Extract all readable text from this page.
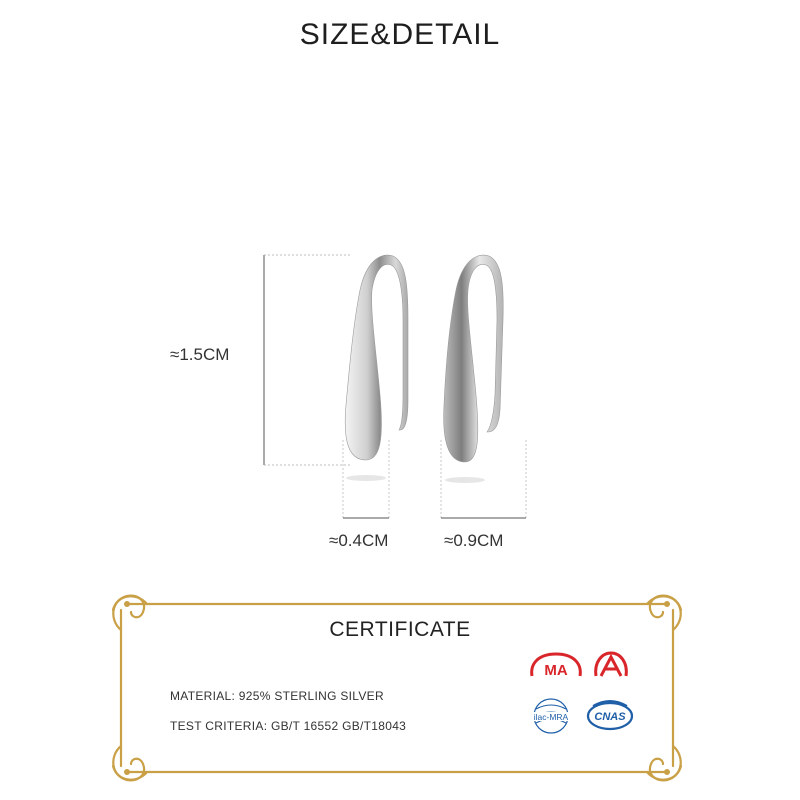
SIZE&DETAIL
≈1.5CM
≈0.4CM	≈0.9CM
CERTIFICATE
MATERIAL: 925% STERLING SILVER
TEST CRITERIA: GB/T 16552 GB/T18043
MA
ilac-MRA CNAS
